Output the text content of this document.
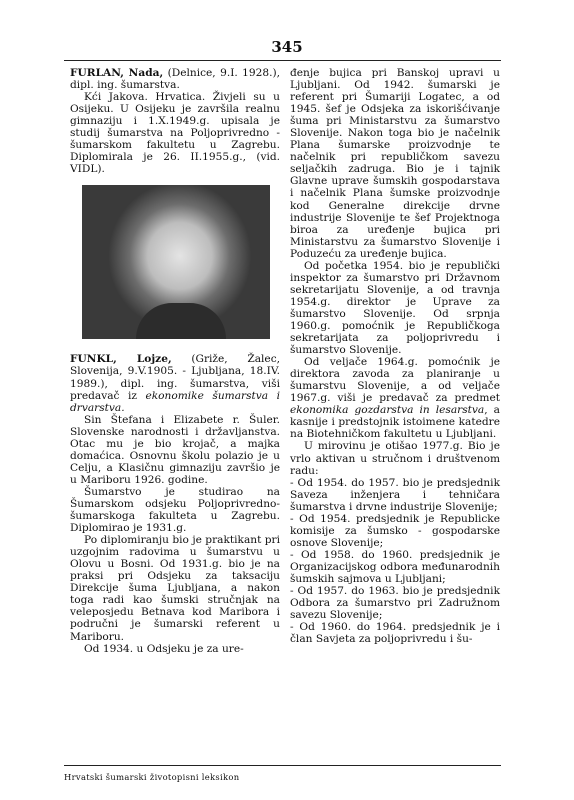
345

FURLAN, Nada, (Delnice, 9.I. 1928.), dipl. ing. šumarstva.

Kći Jakova. Hrvatica. Živjeli su u Osijeku. U Osijeku je završila realnu gimnaziju i 1.X.1949.g. upisala je studij šumarstva na Poljoprivredno - šumarskom fakultetu u Zagrebu. Diplomirala je 26. II.1955.g., (vid. VIDL).

FUNKL, Lojze, (Griže, Žalec, Slovenija, 9.V.1905. - Ljubljana, 18.IV. 1989.), dipl. ing. šumarstva, viši predavač iz ekonomike šumarstva i drvarstva.

Sin Štefana i Elizabete r. Šuler. Slovenske narodnosti i državljanstva. Otac mu je bio krojač, a majka domaćica. Osnovnu školu polazio je u Celju, a Klasičnu gimnaziju završio je u Mariboru 1926. godine.

Šumarstvo je studirao na Šumarskom odsjeku Poljoprivredno-šumarskoga fakulteta u Zagrebu. Diplomirao je 1931.g.

Po diplomiranju bio je praktikant pri uzgojnim radovima u šumarstvu u Olovu u Bosni. Od 1931.g. bio je na praksi pri Odsjeku za taksaciju Direkcije šuma Ljubljana, a nakon toga radi kao šumski stručnjak na veleposjedu Betnava kod Maribora i područni je šumarski referent u Mariboru.

Od 1934. u Odsjeku je za ure-

đenje bujica pri Banskoj upravi u Ljubljani. Od 1942. šumarski je referent pri Šumariji Logatec, a od 1945. šef je Odsjeka za iskorišćivanje šuma pri Ministarstvu za šumarstvo Slovenije. Nakon toga bio je načelnik Plana šumarske proizvodnje te načelnik pri republičkom savezu seljačkih zadruga. Bio je i tajnik Glavne uprave šumskih gospodarstava i načelnik Plana šumske proizvodnje kod Generalne direkcije drvne industrije Slovenije te šef Projektnoga biroa za uređenje bujica pri Ministarstvu za šumarstvo Slovenije i Poduzeću za uređenje bujica.

Od početka 1954. bio je republički inspektor za šumarstvo pri Državnom sekretarijatu Slovenije, a od travnja 1954.g. direktor je Uprave za šumarstvo Slovenije. Od srpnja 1960.g. pomoćnik je Republičkoga sekretarijata za poljoprivredu i šumarstvo Slovenije.

Od veljače 1964.g. pomoćnik je direktora zavoda za planiranje u šumarstvu Slovenije, a od veljače 1967.g. viši je predavač za predmet ekonomika gozdarstva in lesarstva, a kasnije i predstojnik istoimene katedre na Biotehničkom fakultetu u Ljubljani.

U mirovinu je otišao 1977.g. Bio je vrlo aktivan u stručnom i društvenom radu:

- Od 1954. do 1957. bio je predsjednik Saveza inženjera i tehničara šumarstva i drvne industrije Slovenije;

- Od 1954. predsjednik je Republicke komisije za šumsko - gospodarske osnove Slovenije;

- Od 1958. do 1960. predsjednik je Organizacijskog odbora međunarodnih šumskih sajmova u Ljubljani;

- Od 1957. do 1963. bio je predsjednik Odbora za šumarstvo pri Zadružnom savezu Slovenije;

- Od 1960. do 1964. predsjednik je i član Savjeta za poljoprivredu i šu-

Hrvatski šumarski životopisni leksikon
